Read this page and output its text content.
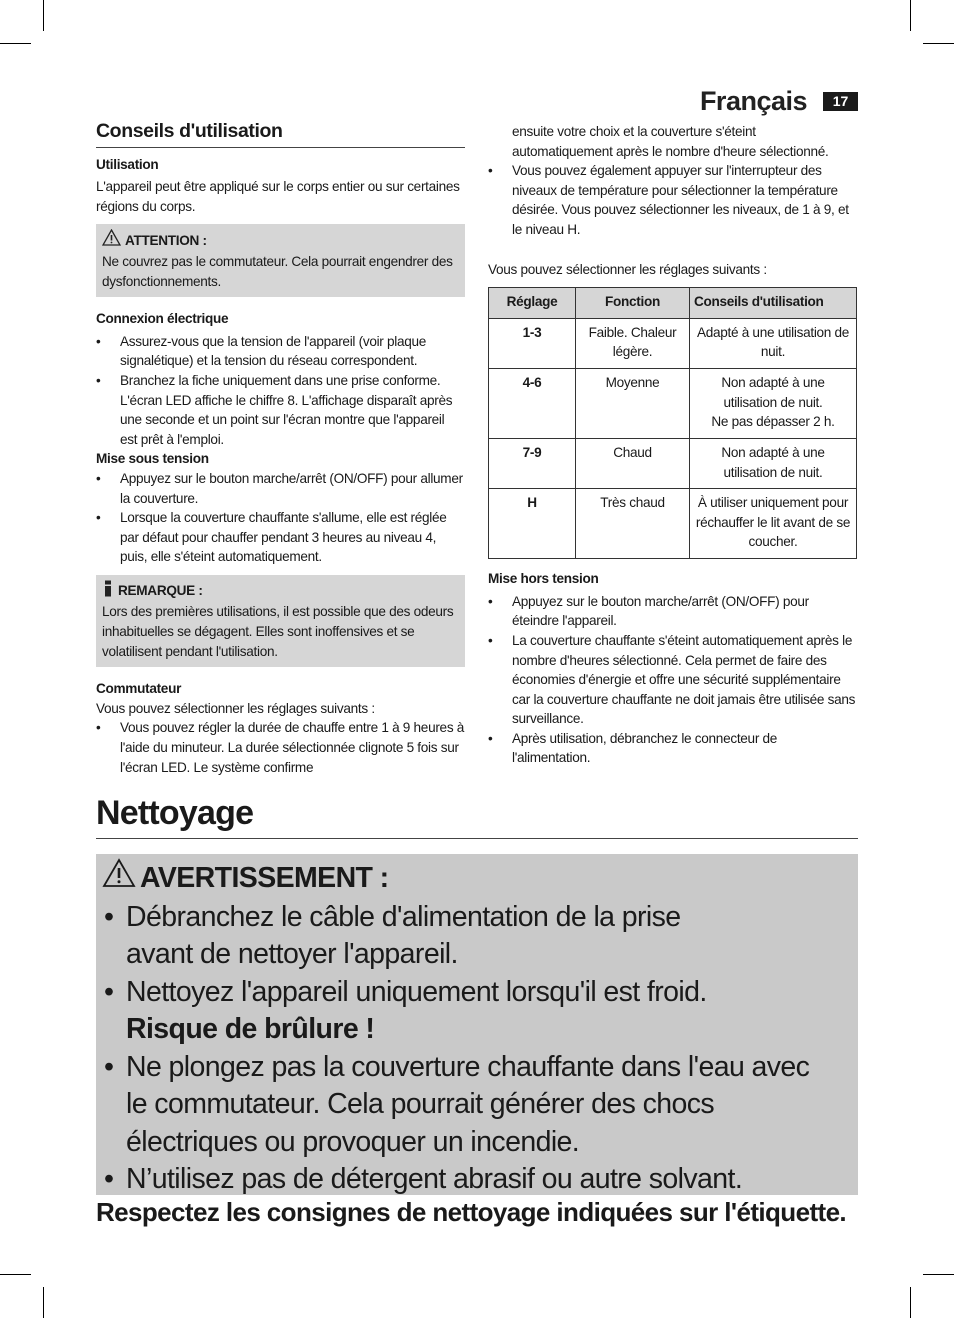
Français	17
Conseils d'utilisation
Utilisation

L'appareil peut être appliqué sur le corps entier ou sur certaines régions du corps.

ATTENTION :

Ne couvrez pas le commutateur. Cela pourrait engendrer des dysfonctionnements.

Connexion électrique
• Assurez-vous que la tension de l'appareil (voir plaque signalétique) et la tension du réseau correspondent.
• Branchez la fiche uniquement dans une prise conforme. L'écran LED affiche le chiffre 8. L'affichage disparaît après une seconde et un point sur l'écran montre que l'appareil est prêt à l'emploi.
Mise sous tension
• Appuyez sur le bouton marche/arrêt (ON/OFF) pour allumer la couverture.
• Lorsque la couverture chauffante s'allume, elle est réglée par défaut pour chauffer pendant 3 heures au niveau 4, puis, elle s'éteint automatiquement.
REMARQUE :

Lors des premières utilisations, il est possible que des odeurs inhabituelles se dégagent. Elles sont inoffensives et se volatilisent pendant l'utilisation.

Commutateur

Vous pouvez sélectionner les réglages suivants :

• Vous pouvez régler la durée de chauffe entre 1 à 9 heures à l'aide du minuteur. La durée sélectionnée clignote 5 fois sur l'écran LED. Le système confirme

ensuite votre choix et la couverture s'éteint automatiquement après le nombre d'heure sélectionné.

• Vous pouvez également appuyer sur l'interrupteur des niveaux de température pour sélectionner la température désirée. Vous pouvez sélectionner les niveaux, de 1 à 9, et le niveau H.

Vous pouvez sélectionner les réglages suivants :

Réglage	Fonction	Conseils d'utilisation
1-3	Faible. Chaleur légère.	Adapté à une utilisation de nuit.
4-6	Moyenne	Non adapté à une utilisation de nuit.
Ne pas dépasser 2 h.

7-9	Chaud	Non adapté à une utilisation de nuit.
H	Très chaud	À utiliser uniquement pour réchauffer le lit avant de se coucher.
Mise hors tension
• Appuyez sur le bouton marche/arrêt (ON/OFF) pour éteindre l'appareil.
• La couverture chauffante s'éteint automatiquement après le nombre d'heures sélectionné. Cela permet de faire des économies d'énergie et offre une sécurité supplémentaire car la couverture chauffante ne doit jamais être utilisée sans surveillance.
• Après utilisation, débranchez le connecteur de l'alimentation.
Nettoyage
AVERTISSEMENT :
• Débranchez le câble d'alimentation de la prise avant de nettoyer l'appareil.
• Nettoyez l'appareil uniquement lorsqu'il est froid.
Risque de brûlure !
• Ne plongez pas la couverture chauffante dans l'eau avec le commutateur. Cela pourrait générer des chocs électriques ou provoquer un incendie.
• N’utilisez pas de détergent abrasif ou autre solvant.
Respectez les consignes de nettoyage indiquées sur l'étiquette.
